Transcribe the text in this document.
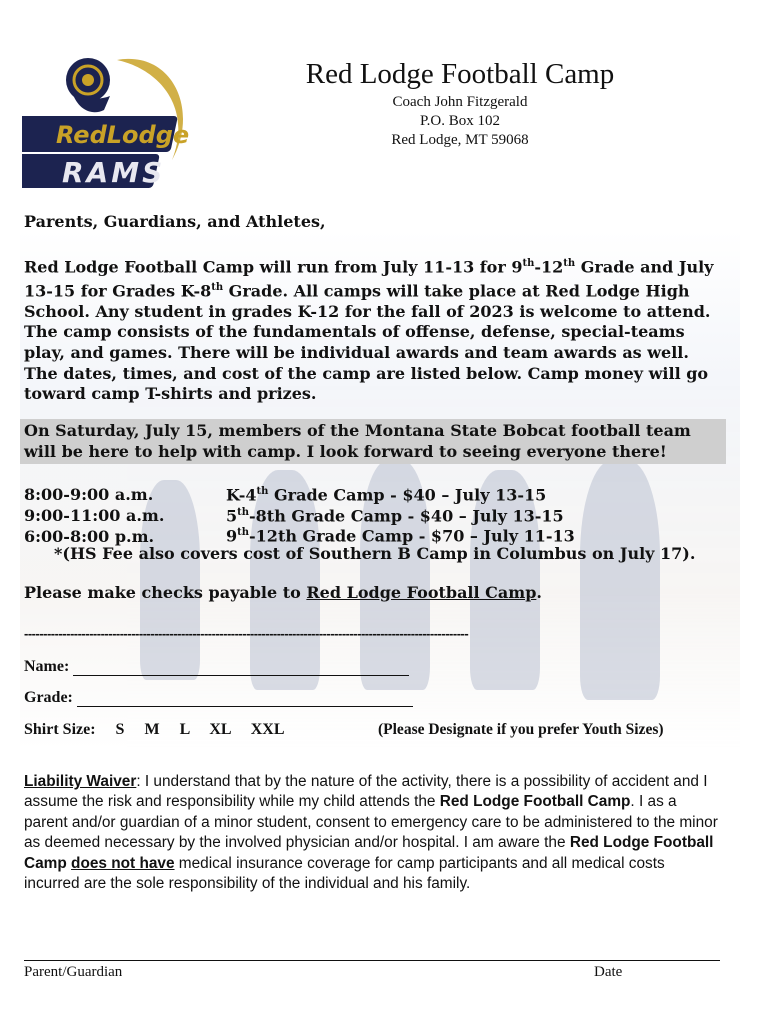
RedLodge
RAMS
Red Lodge Football Camp
Coach John Fitzgerald
P.O. Box 102
Red Lodge, MT 59068
Parents, Guardians, and Athletes,
Red Lodge Football Camp will run from July 11-13 for 9th-12th Grade and July 13-15 for Grades K-8th Grade. All camps will take place at Red Lodge High School. Any student in grades K-12 for the fall of 2023 is welcome to attend. The camp consists of the fundamentals of offense, defense, special-teams play, and games. There will be individual awards and team awards as well. The dates, times, and cost of the camp are listed below. Camp money will go toward camp T-shirts and prizes.
On Saturday, July 15, members of the Montana State Bobcat football team will be here to help with camp. I look forward to seeing everyone there!
8:00-9:00 a.m.	K-4th Grade Camp - $40 – July 13-15
9:00-11:00 a.m.	5th-8th Grade Camp - $40 – July 13-15
6:00-8:00 p.m.	9th-12th Grade Camp - $70 – July 11-13
*(HS Fee also covers cost of Southern B Camp in Columbus on July 17).
Please make checks payable to Red Lodge Football Camp.
--------------------------------------------------------------------------------------------------------------------
Name:
Grade:
Shirt Size: S M L XL XXL	(Please Designate if you prefer Youth Sizes)
Liability Waiver: I understand that by the nature of the activity, there is a possibility of accident and I assume the risk and responsibility while my child attends the Red Lodge Football Camp. I as a parent and/or guardian of a minor student, consent to emergency care to be administered to the minor as deemed necessary by the involved physician and/or hospital. I am aware the Red Lodge Football Camp does not have medical insurance coverage for camp participants and all medical costs incurred are the sole responsibility of the individual and his family.
Parent/Guardian	Date
